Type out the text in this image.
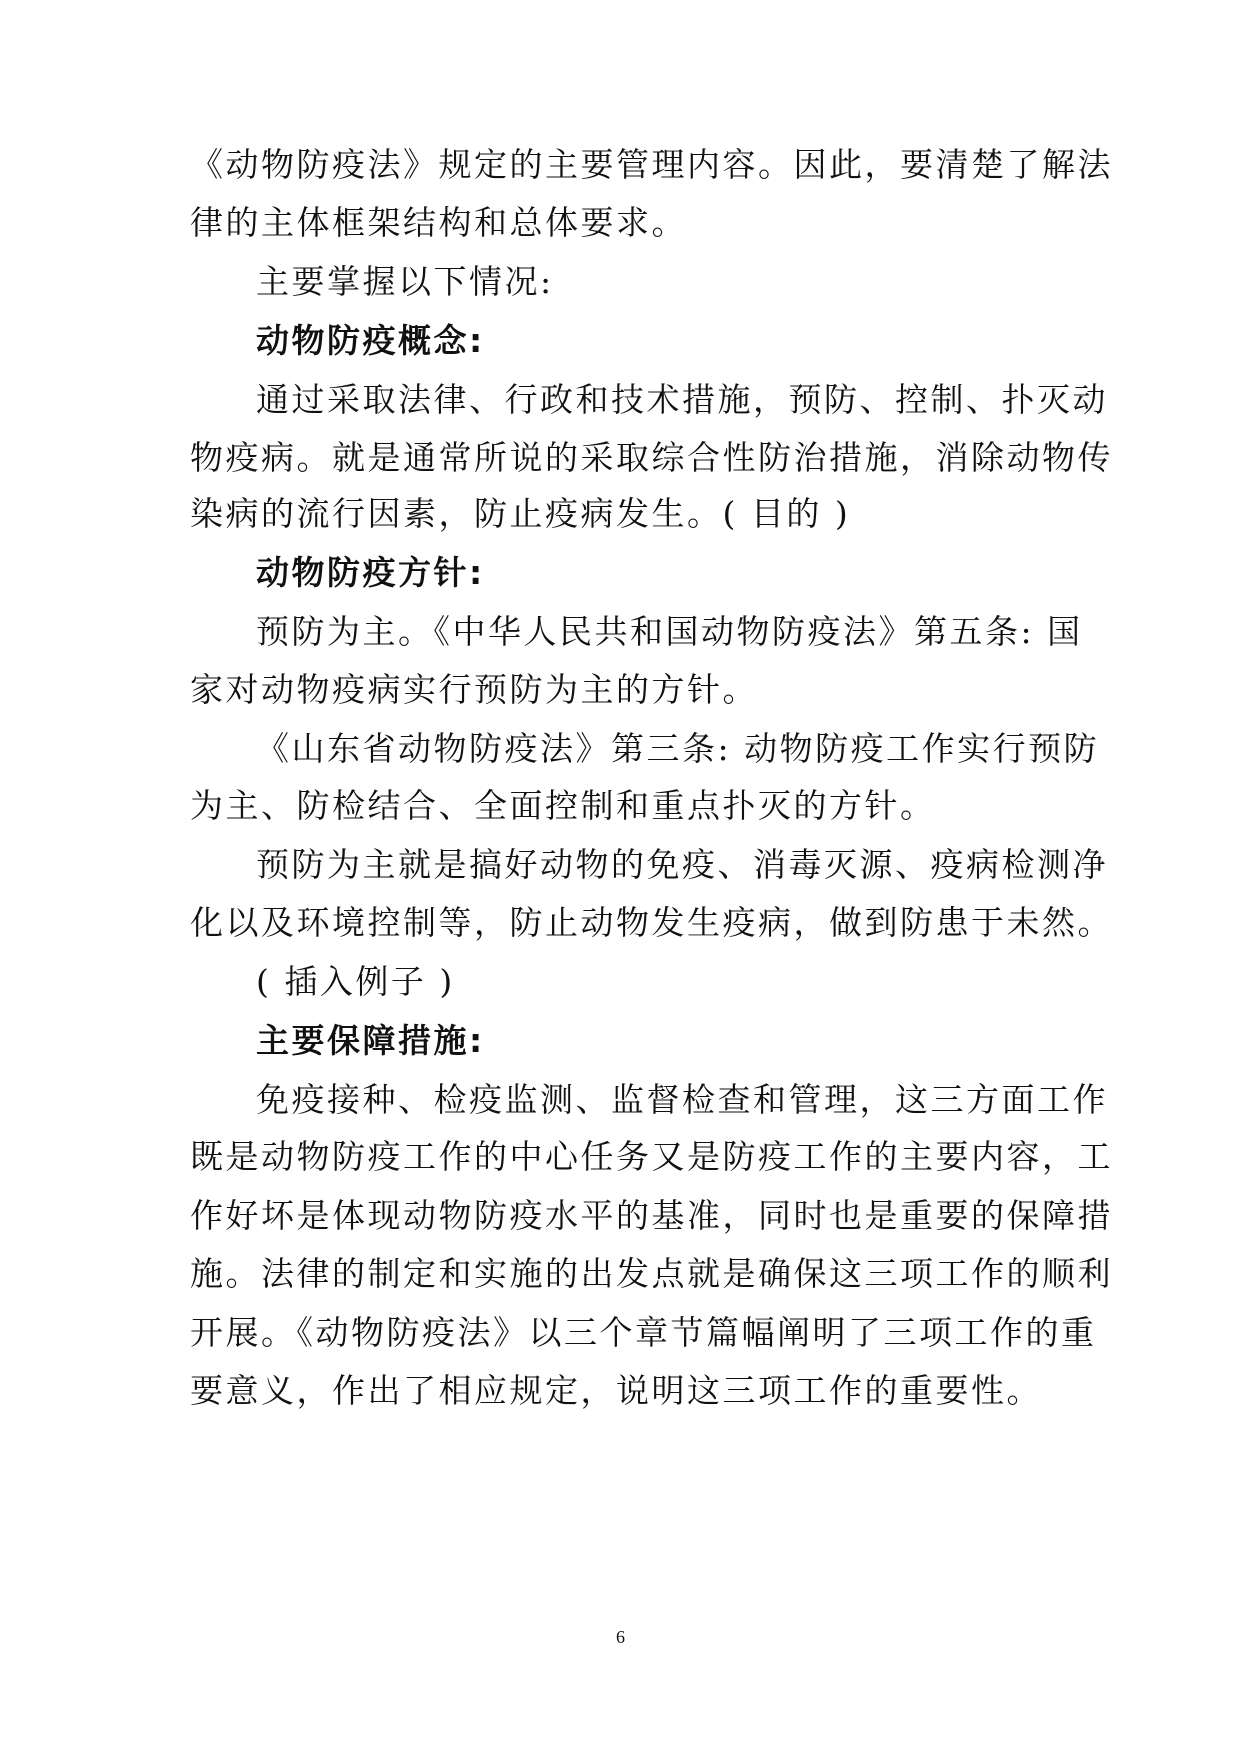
《动物防疫法》规定的主要管理内容。因此，要清楚了解法
律的主体框架结构和总体要求。
主要掌握以下情况:
动物防疫概念:
通过采取法律、行政和技术措施，预防、控制、扑灭动
物疫病。就是通常所说的采取综合性防治措施，消除动物传
染病的流行因素，防止疫病发生。( 目的 )
动物防疫方针:
预防为主。《中华人民共和国动物防疫法》第五条: 国
家对动物疫病实行预防为主的方针。
《山东省动物防疫法》第三条: 动物防疫工作实行预防
为主、防检结合、全面控制和重点扑灭的方针。
预防为主就是搞好动物的免疫、消毒灭源、疫病检测净
化以及环境控制等，防止动物发生疫病，做到防患于未然。
( 插入例子 )
主要保障措施:
免疫接种、检疫监测、监督检查和管理，这三方面工作
既是动物防疫工作的中心任务又是防疫工作的主要内容，工
作好坏是体现动物防疫水平的基准，同时也是重要的保障措
施。法律的制定和实施的出发点就是确保这三项工作的顺利
开展。《动物防疫法》以三个章节篇幅阐明了三项工作的重
要意义，作出了相应规定，说明这三项工作的重要性。
6
